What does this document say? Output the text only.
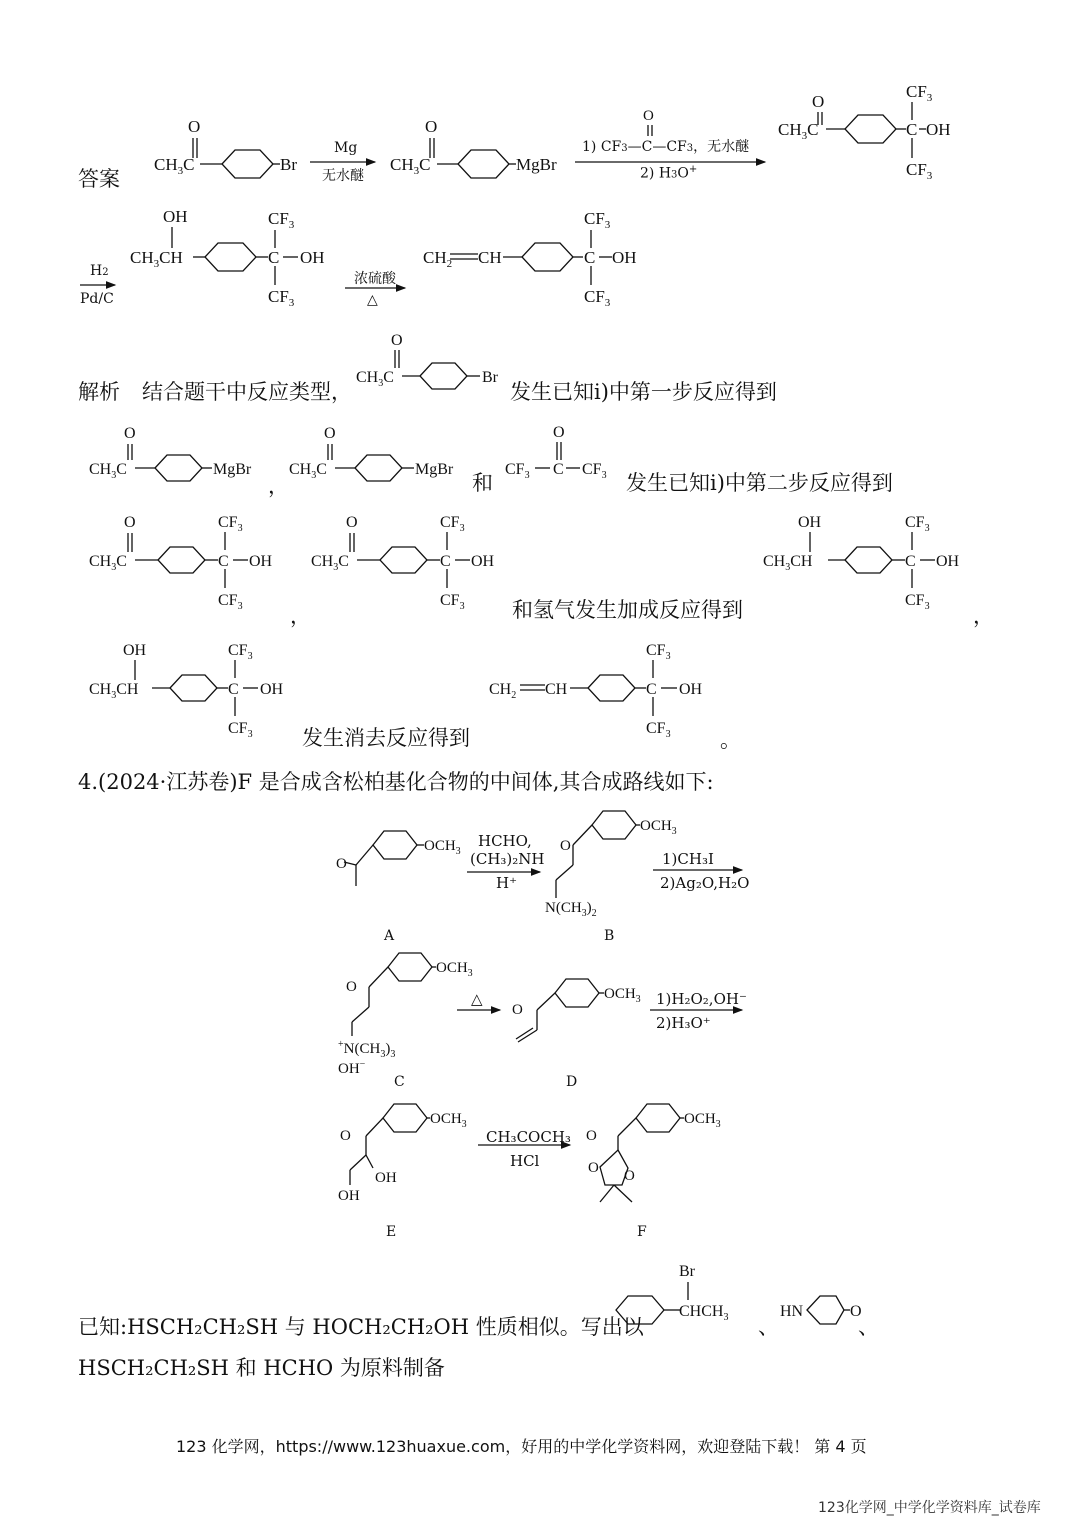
答案
O
$CH_3C$	Br
O
$CH_3C$	MgBr
O
O
$CH_3C$
$CF_3$
C OH
$CF_3$
OH
$CH_3CH$
$CF_3$
C OH
$CF_3$
$CH_2$ CH
$CF_3$
C OH
$CF_3$
Mg
无水醚
1) CF3—C—CF3，无水醚
2) H3O+
H2
Pd/C
浓硫酸
△
解析 结合题干中反应类型，	发生已知ⅰ)中第一步反应得到
，	和	发生已知ⅰ)中第二步反应得到
，	和氢气发生加成反应得到	，
发生消去反应得到	。
O
$CH_3C$	Br
O
$CH_3C$	MgBr
O
$CH_3C$	MgBr
O
$CF_3$ C $CF_3$
O
$CH_3C$
$CF_3$
C OH
$CF_3$
O
$CH_3C$
$CF_3$
C OH
$CF_3$
OH
$CH_3CH$
$CF_3$
C OH
$CF_3$
OH
$CH_3CH$
$CF_3$
C OH
$CF_3$
$CH_2$ CH
$CF_3$
C OH
$CF_3$
4.(2024·江苏卷)F 是合成含松柏基化合物的中间体,其合成路线如下:
O
$OCH_3$	O
$OCH_3$
$N(CH_3)_2$
O
$OCH_3$
$^+N(CH_3)_3$
OH−
O
$OCH_3$
O
$OCH_3$
OH
OH
O
$OCH_3$
O
O
A	B
C	D
E	F
HCHO,
(CH₃)₂NH
H⁺
1)CH₃I
2)Ag₂O,H₂O
△	1)H₂O₂,OH⁻
2)H₃O⁺
CH₃COCH₃
HCl
已知:HSCH₂CH₂SH 与 HOCH₂CH₂OH 性质相似。写出以
Br
$CHCH_3$	HN	O
、	、
HSCH₂CH₂SH 和 HCHO 为原料制备
123 化学网，https://www.123huaxue.com，好用的中学化学资料网，欢迎登陆下载！ 第 4 页
123化学网_中学化学资料库_试卷库
